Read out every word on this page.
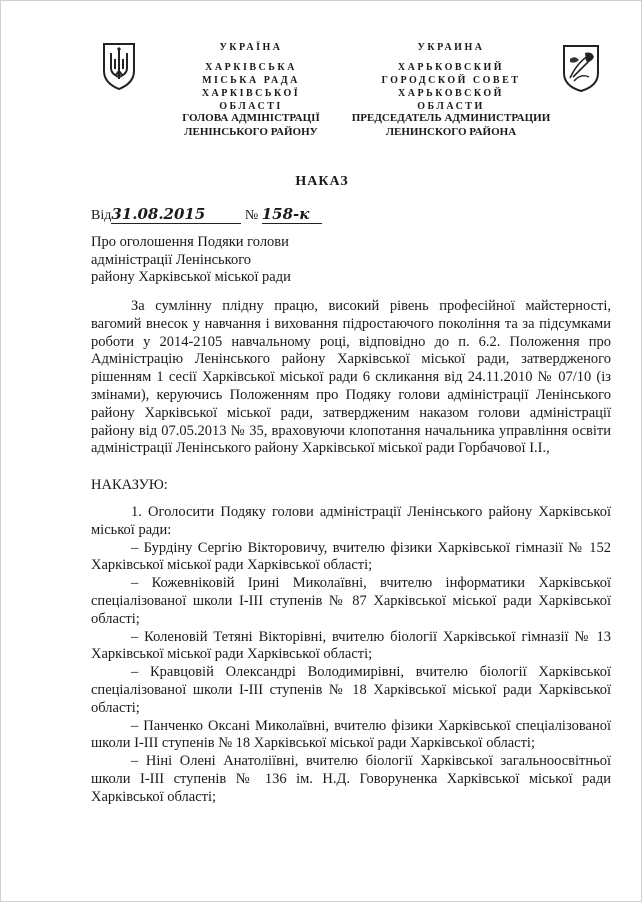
УКРАЇНА
ХАРКІВСЬКА
МІСЬКА РАДА
ХАРКІВСЬКОЇ ОБЛАСТІ
ГОЛОВА АДМІНІСТРАЦІЇ
ЛЕНІНСЬКОГО РАЙОНУ
УКРАИНА
ХАРЬКОВСКИЙ
ГОРОДСКОЙ СОВЕТ
ХАРЬКОВСКОЙ ОБЛАСТИ
ПРЕДСЕДАТЕЛЬ АДМИНИСТРАЦИИ
ЛЕНИНСКОГО РАЙОНА
НАКАЗ
Від31.08.2015	№ 158-к
Про оголошення Подяки голови
адміністрації Ленінського
району Харківської міської ради

За сумлінну плідну працю, високий рівень професійної майстерності, вагомий внесок у навчання і виховання підростаючого покоління та за підсумками роботи у 2014-2105 навчальному році, відповідно до п. 6.2. Положення про Адміністрацію Ленінського району Харківської міської ради, затвердженого рішенням 1 сесії Харківської міської ради 6 скликання від 24.11.2010 № 07/10 (із змінами), керуючись Положенням про Подяку голови адміністрації Ленінського району Харківської міської ради, затвердженим наказом голови адміністрації району від 07.05.2013 № 35, враховуючи клопотання начальника управління освіти адміністрації Ленінського району Харківської міської ради Горбачової І.І.,

НАКАЗУЮ:

1. Оголосити Подяку голови адміністрації Ленінського району Харківської міської ради:

– Бурдіну Сергію Вікторовичу, вчителю фізики Харківської гімназії № 152 Харківської міської ради Харківської області;

– Кожевніковій Ірині Миколаївні, вчителю інформатики Харківської спеціалізованої школи І-ІІІ ступенів № 87 Харківської міської ради Харківської області;

– Коленовій Тетяні Вікторівні, вчителю біології Харківської гімназії № 13 Харківської міської ради Харківської області;

– Кравцовій Олександрі Володимирівні, вчителю біології Харківської спеціалізованої школи І-ІІІ ступенів № 18 Харківської міської ради Харківської області;

– Панченко Оксані Миколаївні, вчителю фізики Харківської спеціалізованої школи І-ІІІ ступенів № 18 Харківської міської ради Харківської області;

– Ніні Олені Анатоліївні, вчителю біології Харківської загальноосвітньої школи І-ІІІ ступенів № 136 ім. Н.Д. Говоруненка Харківської міської ради Харківської області;
